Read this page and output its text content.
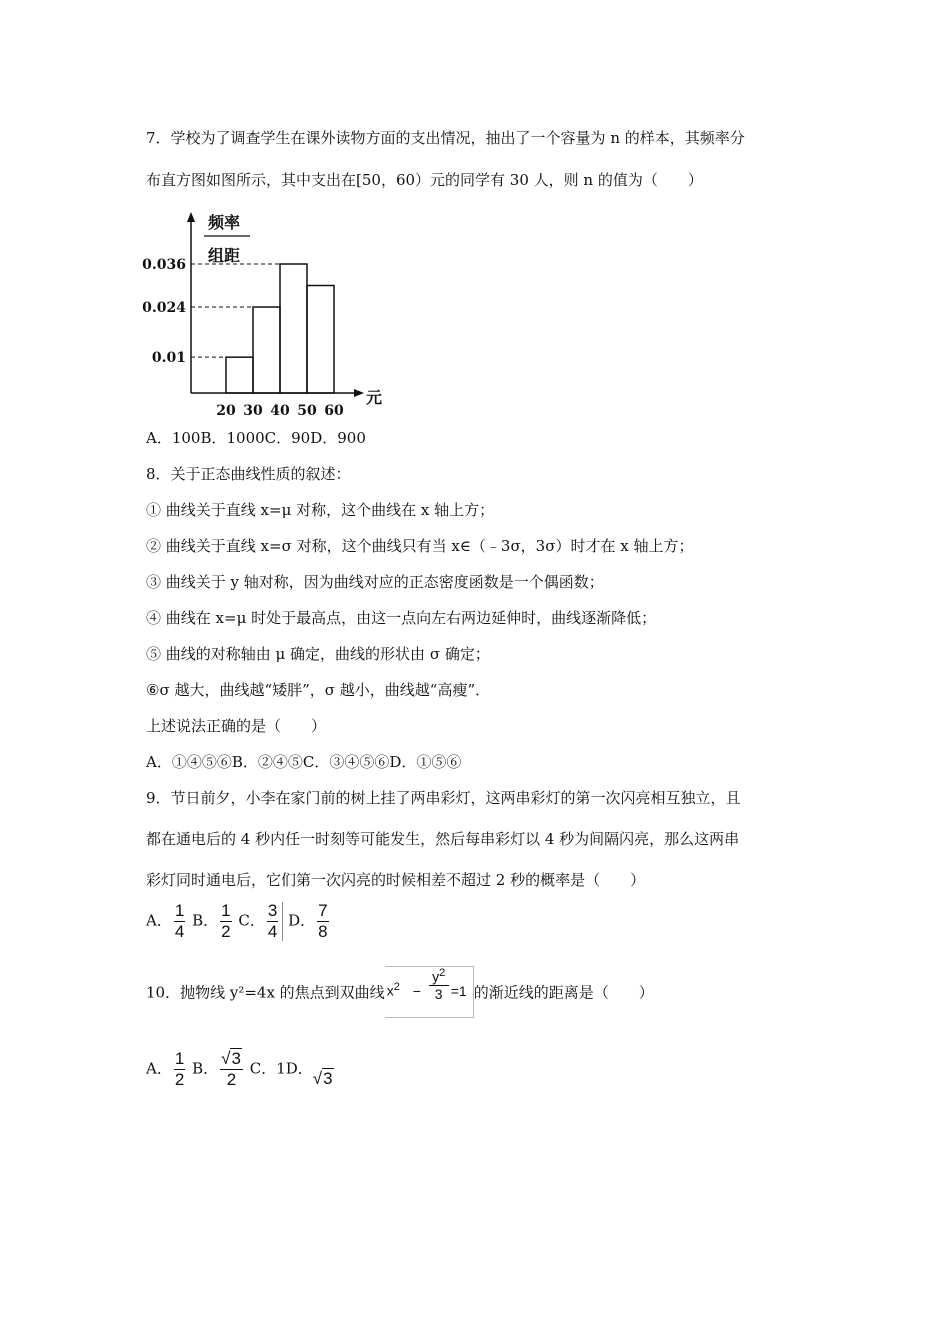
7．学校为了调查学生在课外读物方面的支出情况，抽出了一个容量为 n 的样本，其频率分
布直方图如图所示，其中支出在[50，60）元的同学有 30 人，则 n 的值为（　　）
频率
组距
元
0.036
0.024
0.01
20 30 40 50 60
A．100B．1000C．90D．900
8．关于正态曲线性质的叙述：
① 曲线关于直线 x=μ 对称，这个曲线在 x 轴上方；
② 曲线关于直线 x=σ 对称，这个曲线只有当 x∈（﹣3σ，3σ）时才在 x 轴上方；
③ 曲线关于 y 轴对称，因为曲线对应的正态密度函数是一个偶函数；
④ 曲线在 x=μ 时处于最高点，由这一点向左右两边延伸时，曲线逐渐降低；
⑤ 曲线的对称轴由 μ 确定，曲线的形状由 σ 确定；
⑥σ 越大，曲线越“矮胖”，σ 越小，曲线越“高瘦”．
上述说法正确的是（　　）
A．①④⑤⑥B．②④⑤C．③④⑤⑥D．①⑤⑥
9．节日前夕，小李在家门前的树上挂了两串彩灯，这两串彩灯的第一次闪亮相互独立，且
都在通电后的 4 秒内任一时刻等可能发生，然后每串彩灯以 4 秒为间隔闪亮，那么这两串
彩灯同时通电后，它们第一次闪亮的时候相差不超过 2 秒的概率是（　　）
A． $\frac{1}{4}$ B． $\frac{1}{2}$ C． $\frac{3}{4}$ D． $\frac{7}{8}$
10．抛物线 y²=4x 的焦点到双曲线 $x^2$ −
$y^2$
3 =1 的渐近线的距离是（　　）
A． $\frac{1}{2}$ B． $\frac{√3}{2}$ C．1D．√3
